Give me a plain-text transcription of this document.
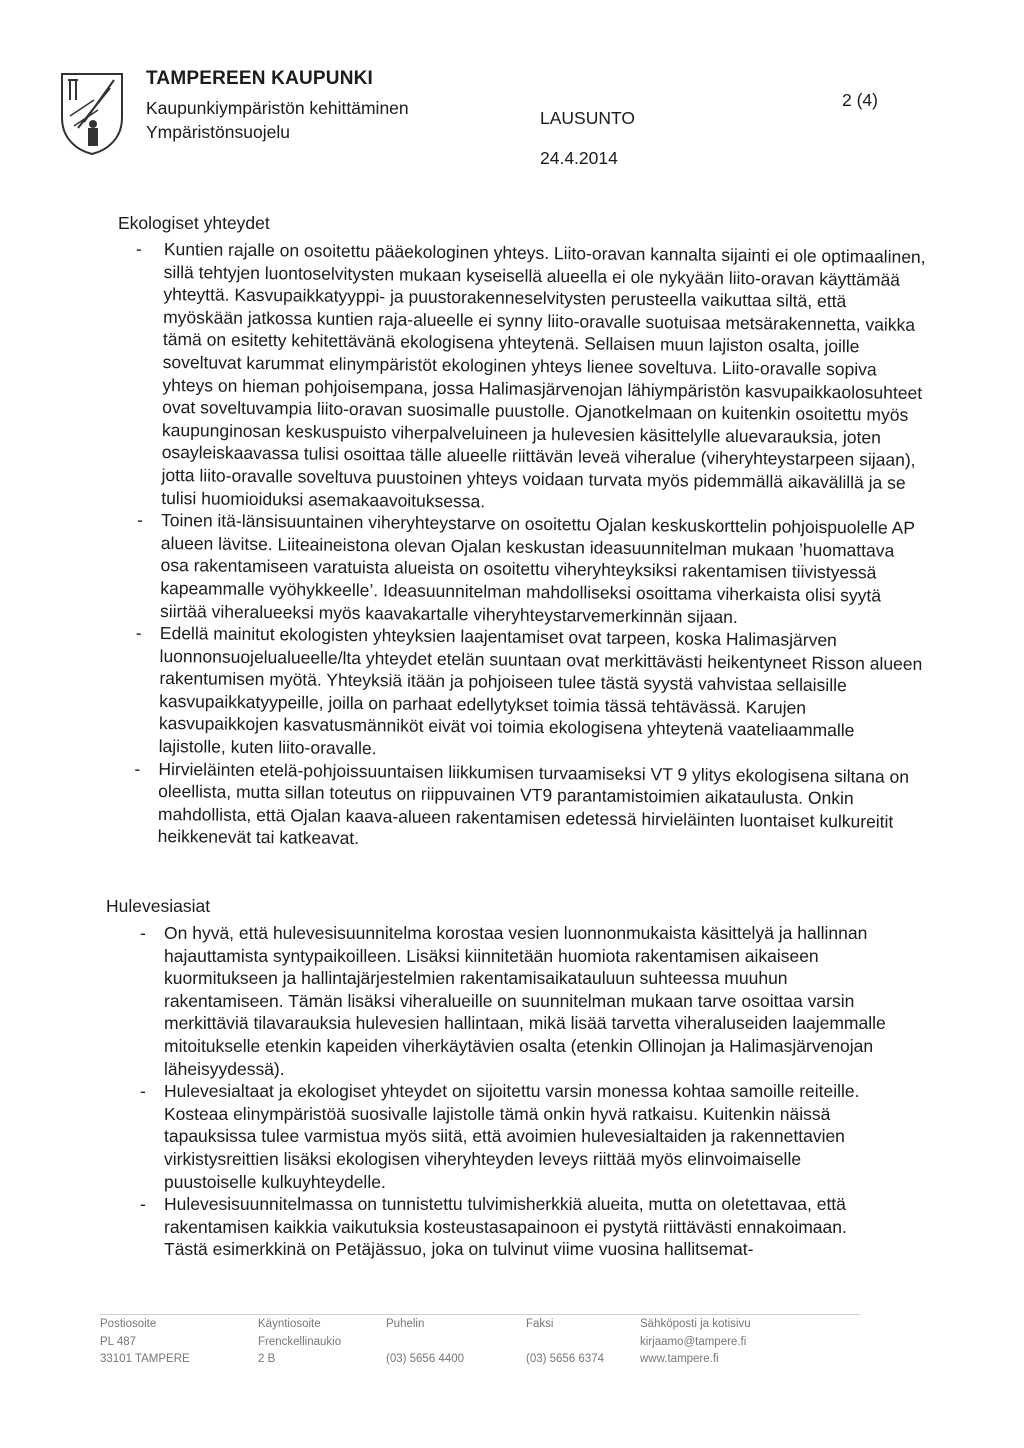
TAMPEREEN KAUPUNKI
Kaupunkiympäristön kehittäminen
Ympäristönsuojelu
LAUSUNTO
2 (4)
24.4.2014
Ekologiset yhteydet
- Kuntien rajalle on osoitettu pääekologinen yhteys. Liito-oravan kannalta sijainti ei ole optimaalinen, sillä tehtyjen luontoselvitysten mukaan kyseisellä alueella ei ole nykyään liito-oravan käyttämää yhteyttä. Kasvupaikkatyyppi- ja puustorakenneselvitysten perusteella vaikuttaa siltä, että myöskään jatkossa kuntien raja-alueelle ei synny liito-oravalle suotuisaa metsärakennetta, vaikka tämä on esitetty kehitettävänä ekologisena yhteytenä. Sellaisen muun lajiston osalta, joille soveltuvat karummat elinympäristöt ekologinen yhteys lienee soveltuva. Liito-oravalle sopiva yhteys on hieman pohjoisempana, jossa Halimasjärvenojan lähiympäristön kasvupaikkaolosuhteet ovat soveltuvampia liito-oravan suosimalle puustolle. Ojanotkelmaan on kuitenkin osoitettu myös kaupunginosan keskuspuisto viherpalveluineen ja hulevesien käsittelylle aluevarauksia, joten osayleiskaavassa tulisi osoittaa tälle alueelle riittävän leveä viheralue (viheryhteystarpeen sijaan), jotta liito-oravalle soveltuva puustoinen yhteys voidaan turvata myös pidemmällä aikavälillä ja se tulisi huomioiduksi asemakaavoituksessa.
- Toinen itä-länsisuuntainen viheryhteystarve on osoitettu Ojalan keskuskorttelin pohjoispuolelle AP alueen lävitse. Liiteaineistona olevan Ojalan keskustan ideasuunnitelman mukaan ’huomattava osa rakentamiseen varatuista alueista on osoitettu viheryhteyksiksi rakentamisen tiivistyessä kapeammalle vyöhykkeelle’. Ideasuunnitelman mahdolliseksi osoittama viherkaista olisi syytä siirtää viheralueeksi myös kaavakartalle viheryhteystarvemerkinnän sijaan.
- Edellä mainitut ekologisten yhteyksien laajentamiset ovat tarpeen, koska Halimasjärven luonnonsuojelualueelle/lta yhteydet etelän suuntaan ovat merkittävästi heikentyneet Risson alueen rakentumisen myötä. Yhteyksiä itään ja pohjoiseen tulee tästä syystä vahvistaa sellaisille kasvupaikkatyypeille, joilla on parhaat edellytykset toimia tässä tehtävässä. Karujen kasvupaikkojen kasvatusmänniköt eivät voi toimia ekologisena yhteytenä vaateliaammalle lajistolle, kuten liito-oravalle.
- Hirvieläinten etelä-pohjoissuuntaisen liikkumisen turvaamiseksi VT 9 ylitys ekologisena siltana on oleellista, mutta sillan toteutus on riippuvainen VT9 parantamistoimien aikataulusta. Onkin mahdollista, että Ojalan kaava-alueen rakentamisen edetessä hirvieläinten luontaiset kulkureitit heikkenevät tai katkeavat.
Hulevesiasiat
- On hyvä, että hulevesisuunnitelma korostaa vesien luonnonmukaista käsittelyä ja hallinnan hajauttamista syntypaikoilleen. Lisäksi kiinnitetään huomiota rakentamisen aikaiseen kuormitukseen ja hallintajärjestelmien rakentamisaikatauluun suhteessa muuhun rakentamiseen. Tämän lisäksi viheralueille on suunnitelman mukaan tarve osoittaa varsin merkittäviä tilavarauksia hulevesien hallintaan, mikä lisää tarvetta viheraluseiden laajemmalle mitoitukselle etenkin kapeiden viherkäytävien osalta (etenkin Ollinojan ja Halimasjärvenojan läheisyydessä).
- Hulevesialtaat ja ekologiset yhteydet on sijoitettu varsin monessa kohtaa samoille reiteille. Kosteaa elinympäristöä suosivalle lajistolle tämä onkin hyvä ratkaisu. Kuitenkin näissä tapauksissa tulee varmistua myös siitä, että avoimien hulevesialtaiden ja rakennettavien virkistysreittien lisäksi ekologisen viheryhteyden leveys riittää myös elinvoimaiselle puustoiselle kulkuyhteydelle.
- Hulevesisuunnitelmassa on tunnistettu tulvimisherkkiä alueita, mutta on oletettavaa, että rakentamisen kaikkia vaikutuksia kosteustasapainoon ei pystytä riittävästi ennakoimaan. Tästä esimerkkinä on Petäjässuo, joka on tulvinut viime vuosina hallitsemat-
Postiosoite
PL 487
33101 TAMPERE
Käyntiosoite
Frenckellinaukio
2 B
Puhelin

(03) 5656 4400
Faksi

(03) 5656 6374
Sähköposti ja kotisivu
kirjaamo@tampere.fi
www.tampere.fi
